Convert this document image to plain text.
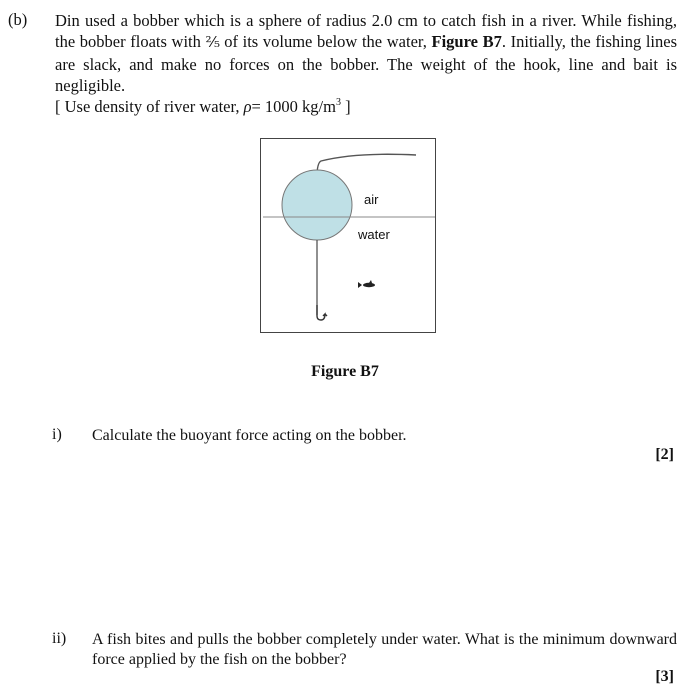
(b) Din used a bobber which is a sphere of radius 2.0 cm to catch fish in a river. While fishing,
the bobber floats with ⅖ of its volume below the water, Figure B7. Initially, the fishing lines
are slack, and make no forces on the bobber. The weight of the hook, line and bait is negligible.
[ Use density of river water, ρ= 1000 $kg/m^3$ ]
air
water
Figure B7
i) Calculate the buoyant force acting on the bobber.
[2]
ii) A fish bites and pulls the bobber completely under water. What is the minimum downward force applied by the fish on the bobber?
[3]
